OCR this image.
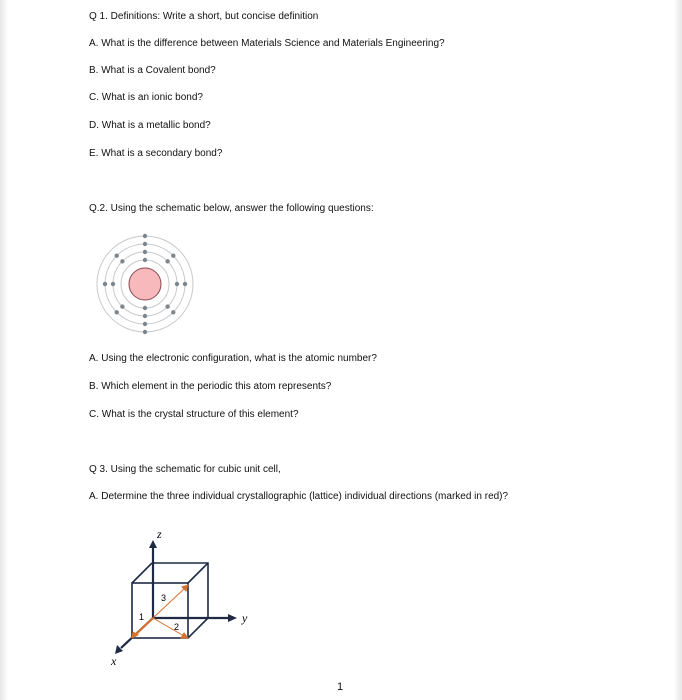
Q 1. Definitions: Write a short, but concise definition
A. What is the difference between Materials Science and Materials Engineering?
B. What is a Covalent bond?
C. What is an ionic bond?
D. What is a metallic bond?
E. What is a secondary bond?
Q.2. Using the schematic below, answer the following questions:
z
y
x
1
2
3
A. Using the electronic configuration, what is the atomic number?
B. Which element in the periodic this atom represents?
C. What is the crystal structure of this element?
Q 3. Using the schematic for cubic unit cell,
A. Determine the three individual crystallographic (lattice) individual directions (marked in red)?
1
